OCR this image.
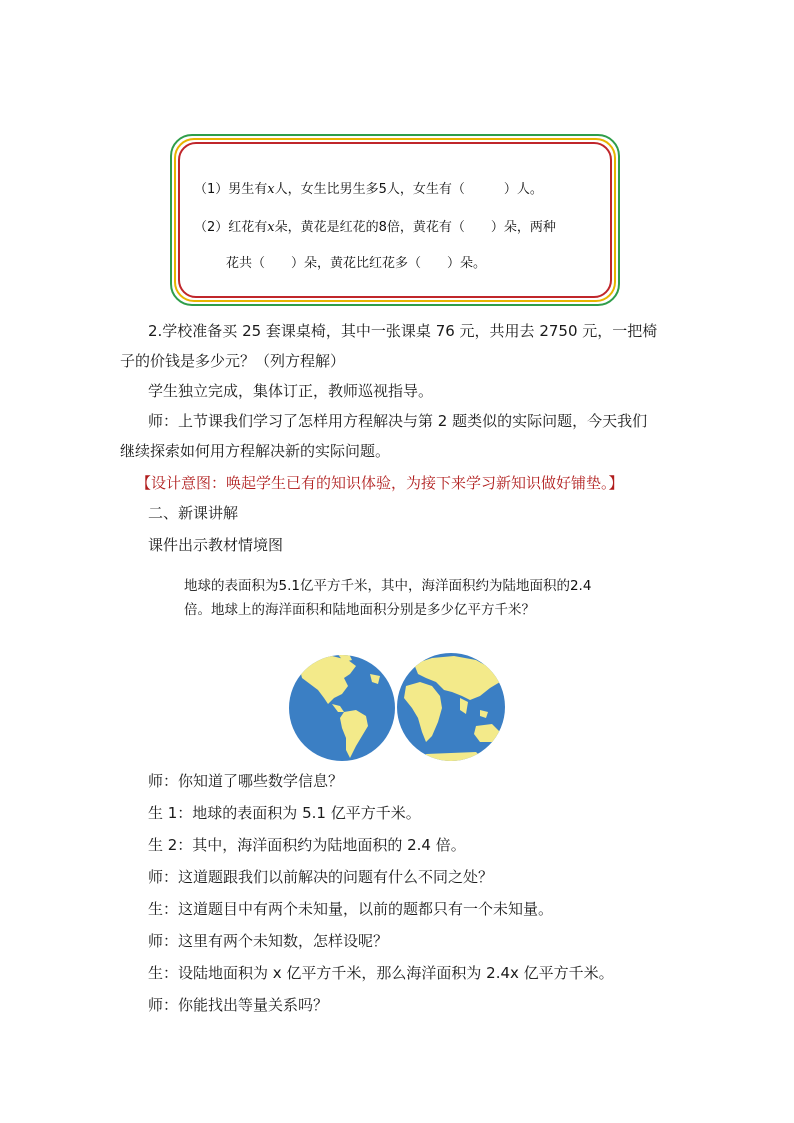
（1）男生有x人，女生比男生多5人，女生有（　　　）人。
（2）红花有x朵，黄花是红花的8倍，黄花有（　　）朵，两种
花共（　　）朵，黄花比红花多（　　）朵。
2.学校准备买 25 套课桌椅，其中一张课桌 76 元，共用去 2750 元，一把椅
子的价钱是多少元？（列方程解）
学生独立完成，集体订正，教师巡视指导。
师：上节课我们学习了怎样用方程解决与第 2 题类似的实际问题，今天我们
继续探索如何用方程解决新的实际问题。
【设计意图：唤起学生已有的知识体验，为接下来学习新知识做好铺垫。】
二、新课讲解
课件出示教材情境图
地球的表面积为5.1亿平方千米，其中，海洋面积约为陆地面积的2.4
倍。地球上的海洋面积和陆地面积分别是多少亿平方千米？
师：你知道了哪些数学信息？
生 1：地球的表面积为 5.1 亿平方千米。
生 2：其中，海洋面积约为陆地面积的 2.4 倍。
师：这道题跟我们以前解决的问题有什么不同之处？
生：这道题目中有两个未知量，以前的题都只有一个未知量。
师：这里有两个未知数，怎样设呢？
生：设陆地面积为 x 亿平方千米，那么海洋面积为 2.4x 亿平方千米。
师：你能找出等量关系吗？
